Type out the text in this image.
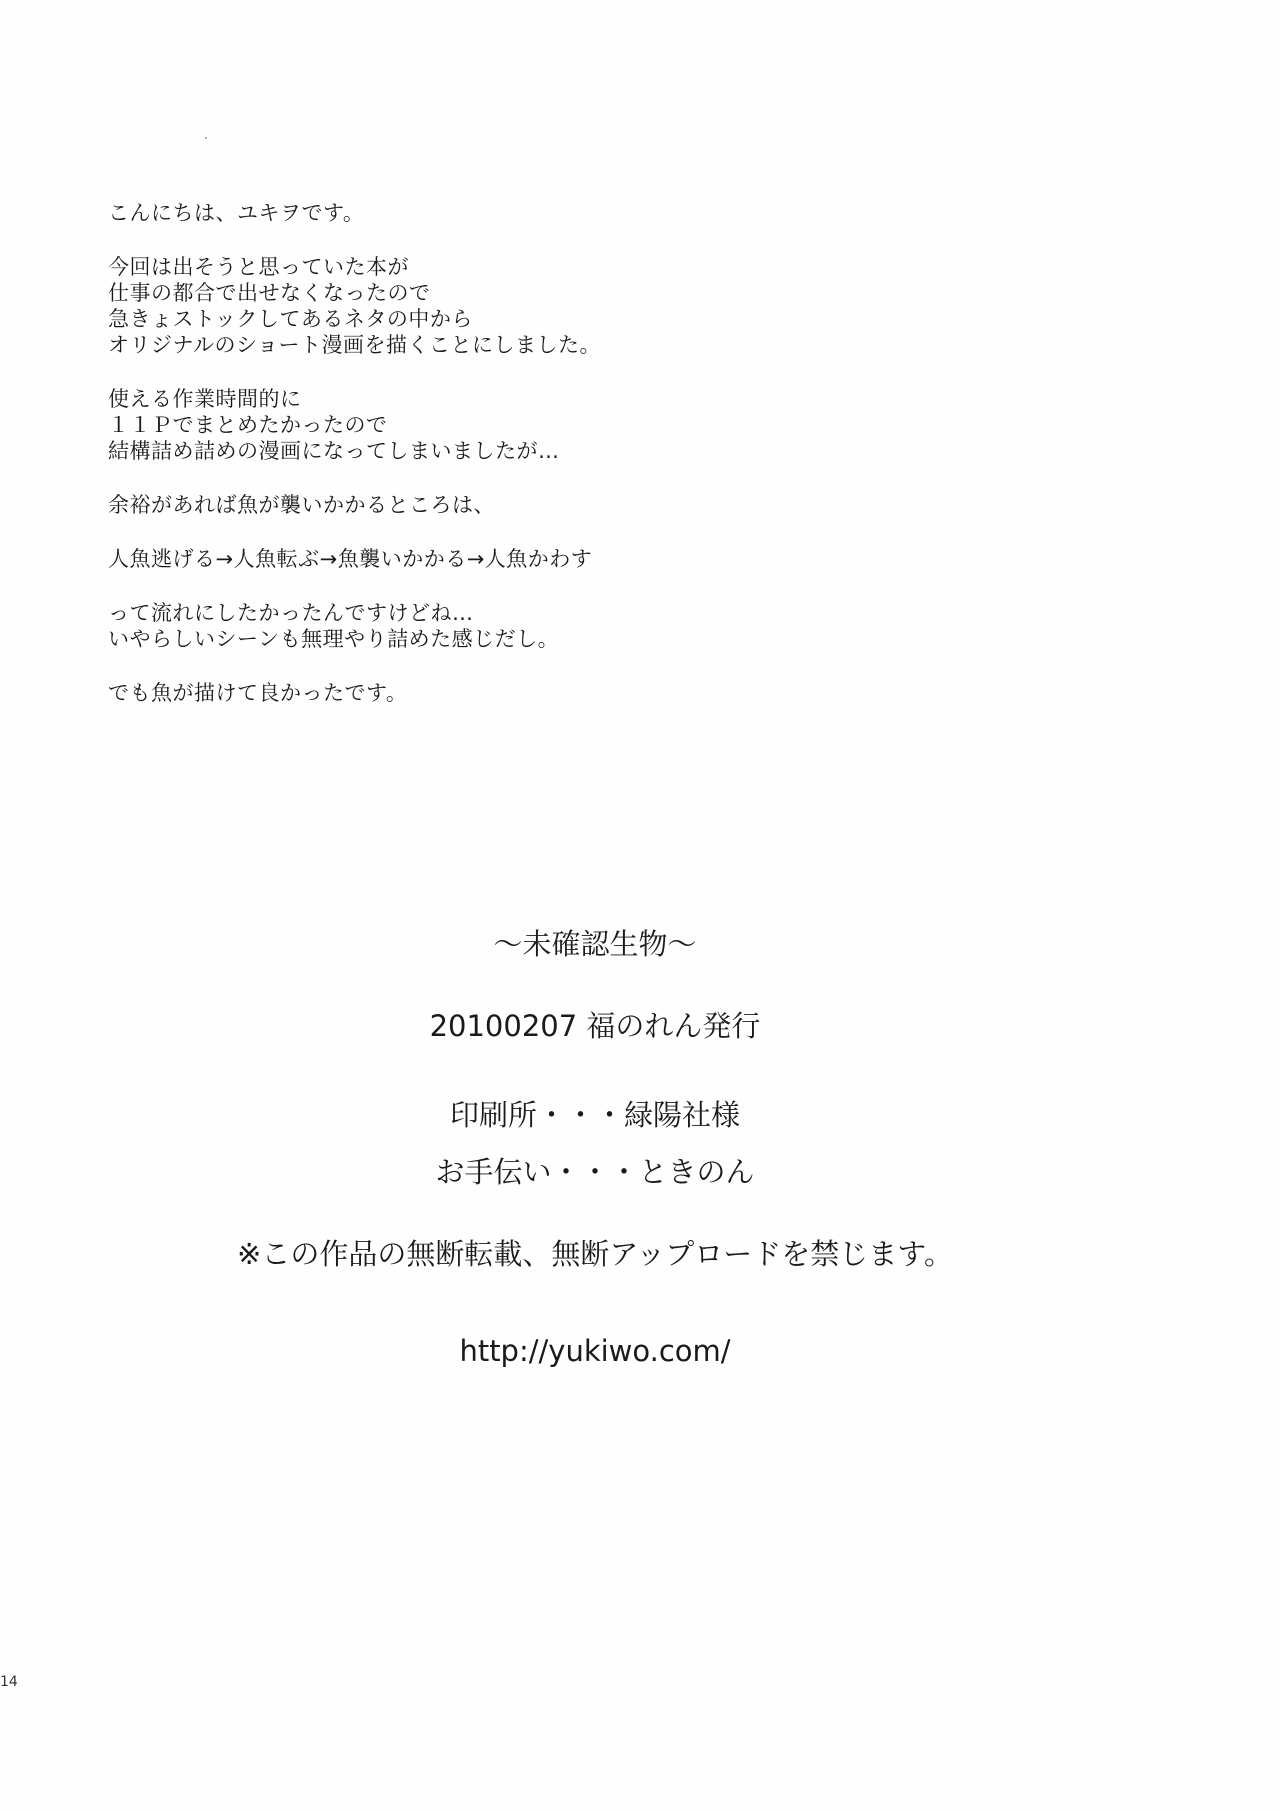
こんにちは、ユキヲです。
今回は出そうと思っていた本が
仕事の都合で出せなくなったので
急きょストックしてあるネタの中から
オリジナルのショート漫画を描くことにしました。
使える作業時間的に
１１Ｐでまとめたかったので
結構詰め詰めの漫画になってしまいましたが…
余裕があれば魚が襲いかかるところは、
人魚逃げる→人魚転ぶ→魚襲いかかる→人魚かわす
って流れにしたかったんですけどね…
いやらしいシーンも無理やり詰めた感じだし。
でも魚が描けて良かったです。
～未確認生物～
20100207 福のれん発行
印刷所・・・緑陽社様
お手伝い・・・ときのん
※この作品の無断転載、無断アップロードを禁じます。
http://yukiwo.com/
14
